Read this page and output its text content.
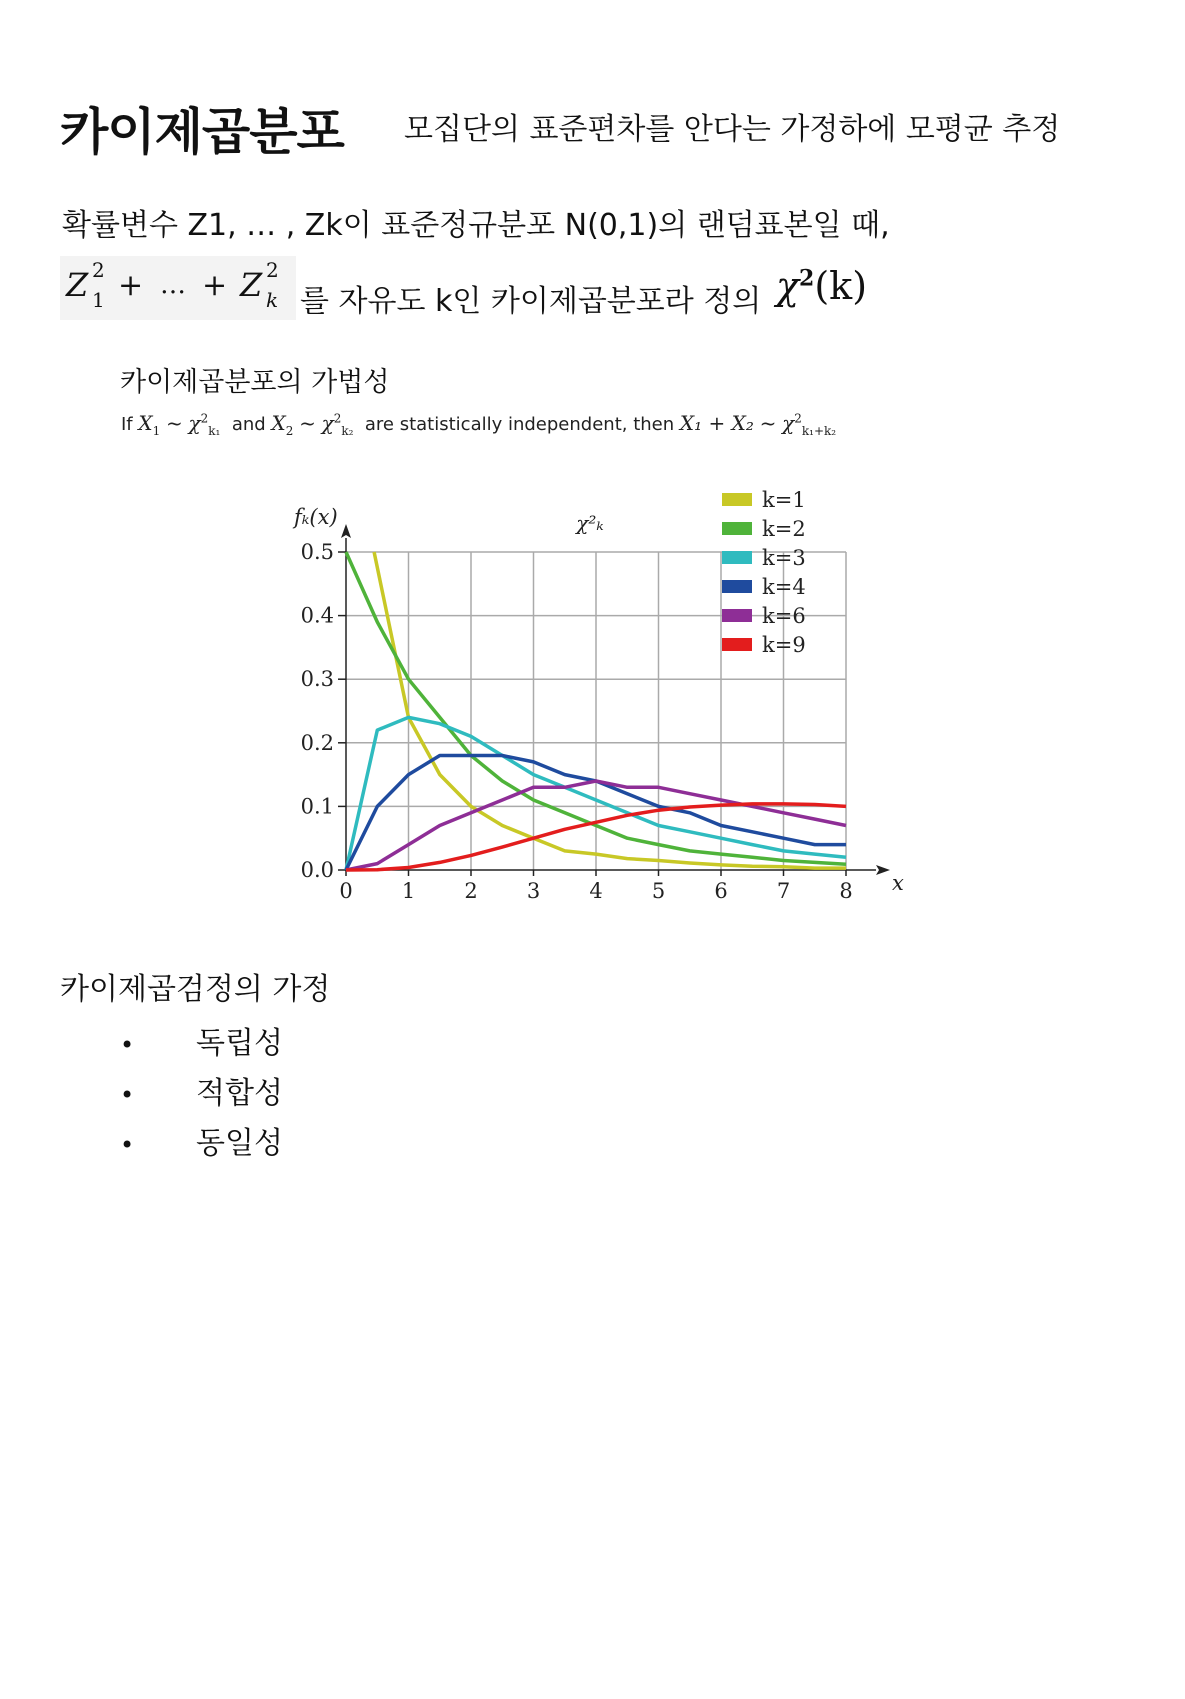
카이제곱분포 모집단의 표준편차를 안다는 가정하에 모평균 추정
확률변수 Z1, … , Zk이 표준정규분포 N(0,1)의 랜덤표본일 때,
Z 2
1 + … + Z 2
k 를 자유도 k인 카이제곱분포라 정의 $\chi^2(k)$
카이제곱분포의 가법성
If $X_1$ ~ $\chi^2_{k_1}$ and $X_2$ ~ $\chi^2_{k_2}$ are statistically independent, then X₁ + X₂ ~ $\chi^2_{k_1+k_2}$
0 1 2 3 4 5 6 7 8
0.0
0.1
0.2
0.3
0.4
0.5
fₖ(x)
x
χ²ₖ
k=1
k=2
k=3
k=4
k=6
k=9
카이제곱검정의 가정
• 독립성
• 적합성
• 동일성
